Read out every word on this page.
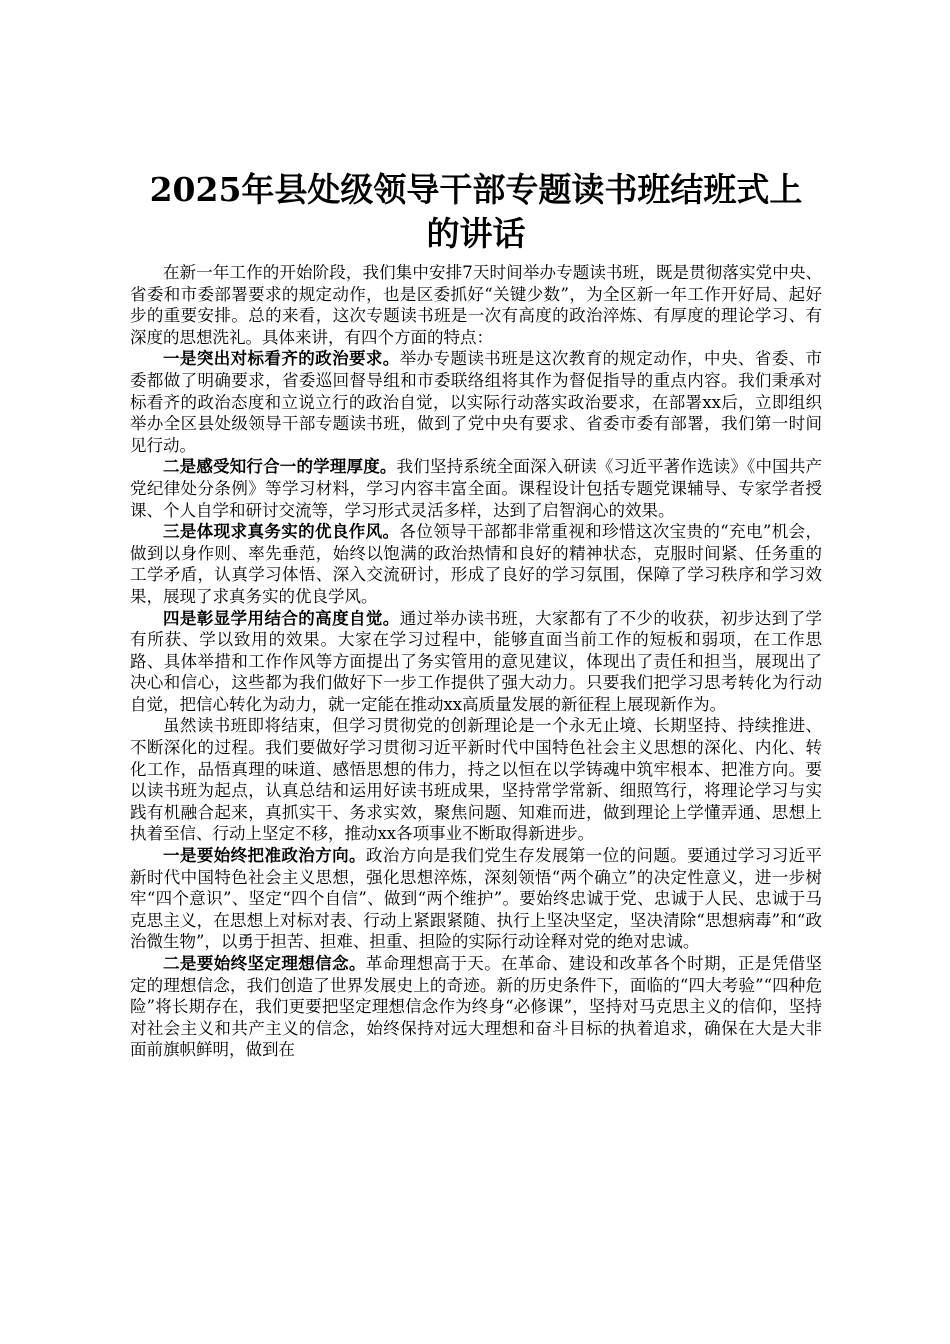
2025年县处级领导干部专题读书班结班式上
的讲话

在新一年工作的开始阶段，我们集中安排7天时间举办专题读书班，既是贯彻落实党中央、省委和市委部署要求的规定动作，也是区委抓好“关键少数”，为全区新一年工作开好局、起好步的重要安排。总的来看，这次专题读书班是一次有高度的政治淬炼、有厚度的理论学习、有深度的思想洗礼。具体来讲，有四个方面的特点：

一是突出对标看齐的政治要求。举办专题读书班是这次教育的规定动作，中央、省委、市委都做了明确要求，省委巡回督导组和市委联络组将其作为督促指导的重点内容。我们秉承对标看齐的政治态度和立说立行的政治自觉，以实际行动落实政治要求，在部署xx后，立即组织举办全区县处级领导干部专题读书班，做到了党中央有要求、省委市委有部署，我们第一时间见行动。

二是感受知行合一的学理厚度。我们坚持系统全面深入研读《习近平著作选读》《中国共产党纪律处分条例》等学习材料，学习内容丰富全面。课程设计包括专题党课辅导、专家学者授课、个人自学和研讨交流等，学习形式灵活多样，达到了启智润心的效果。

三是体现求真务实的优良作风。各位领导干部都非常重视和珍惜这次宝贵的“充电”机会，做到以身作则、率先垂范，始终以饱满的政治热情和良好的精神状态，克服时间紧、任务重的工学矛盾，认真学习体悟、深入交流研讨，形成了良好的学习氛围，保障了学习秩序和学习效果，展现了求真务实的优良学风。

四是彰显学用结合的高度自觉。通过举办读书班，大家都有了不少的收获，初步达到了学有所获、学以致用的效果。大家在学习过程中，能够直面当前工作的短板和弱项，在工作思路、具体举措和工作作风等方面提出了务实管用的意见建议，体现出了责任和担当，展现出了决心和信心，这些都为我们做好下一步工作提供了强大动力。只要我们把学习思考转化为行动自觉，把信心转化为动力，就一定能在推动xx高质量发展的新征程上展现新作为。

虽然读书班即将结束，但学习贯彻党的创新理论是一个永无止境、长期坚持、持续推进、不断深化的过程。我们要做好学习贯彻习近平新时代中国特色社会主义思想的深化、内化、转化工作，品悟真理的味道、感悟思想的伟力，持之以恒在以学铸魂中筑牢根本、把准方向。要以读书班为起点，认真总结和运用好读书班成果，坚持常学常新、细照笃行，将理论学习与实践有机融合起来，真抓实干、务求实效，聚焦问题、知难而进，做到理论上学懂弄通、思想上执着至信、行动上坚定不移，推动xx各项事业不断取得新进步。

一是要始终把准政治方向。政治方向是我们党生存发展第一位的问题。要通过学习习近平新时代中国特色社会主义思想，强化思想淬炼，深刻领悟“两个确立”的决定性意义，进一步树牢“四个意识”、坚定“四个自信”、做到“两个维护”。要始终忠诚于党、忠诚于人民、忠诚于马克思主义，在思想上对标对表、行动上紧跟紧随、执行上坚决坚定，坚决清除“思想病毒”和“政治微生物”，以勇于担苦、担难、担重、担险的实际行动诠释对党的绝对忠诚。

二是要始终坚定理想信念。革命理想高于天。在革命、建设和改革各个时期，正是凭借坚定的理想信念，我们创造了世界发展史上的奇迹。新的历史条件下，面临的“四大考验”“四种危险”将长期存在，我们更要把坚定理想信念作为终身“必修课”，坚持对马克思主义的信仰，坚持对社会主义和共产主义的信念，始终保持对远大理想和奋斗目标的执着追求，确保在大是大非面前旗帜鲜明，做到在
